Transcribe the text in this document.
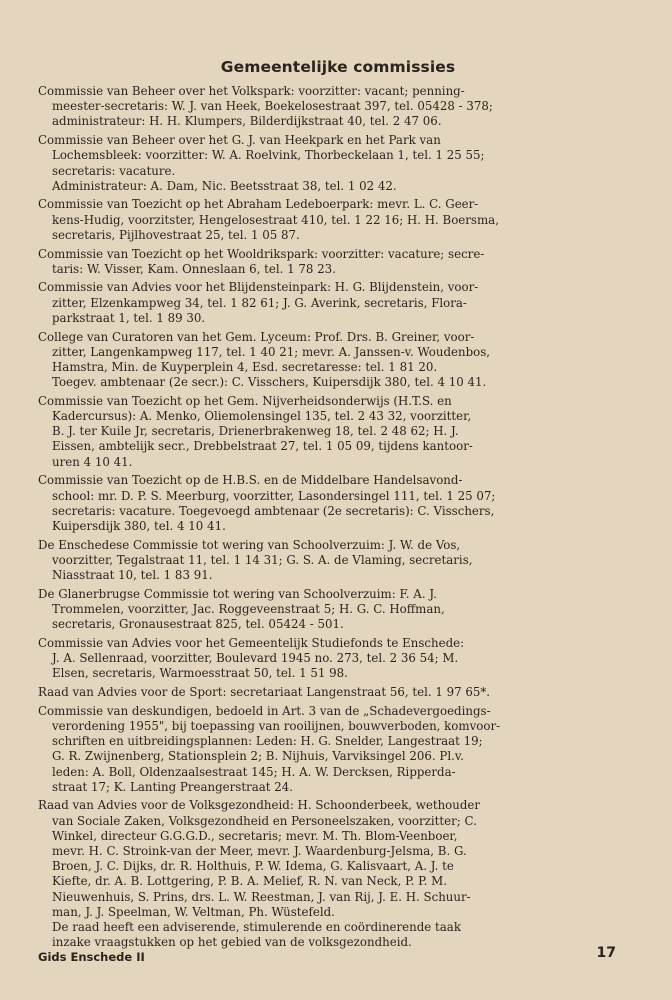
Gemeentelijke commissies

Commissie van Beheer over het Volkspark: voorzitter: vacant; penning-
meester-secretaris: W. J. van Heek, Boekelosestraat 397, tel. 05428 - 378;
administrateur: H. H. Klumpers, Bilderdijkstraat 40, tel. 2 47 06.

Commissie van Beheer over het G. J. van Heekpark en het Park van
Lochemsbleek: voorzitter: W. A. Roelvink, Thorbeckelaan 1, tel. 1 25 55;
secretaris: vacature.
Administrateur: A. Dam, Nic. Beetsstraat 38, tel. 1 02 42.

Commissie van Toezicht op het Abraham Ledeboerpark: mevr. L. C. Geer-
kens-Hudig, voorzitster, Hengelosestraat 410, tel. 1 22 16; H. H. Boersma,
secretaris, Pijlhovestraat 25, tel. 1 05 87.

Commissie van Toezicht op het Wooldrikspark: voorzitter: vacature; secre-
taris: W. Visser, Kam. Onneslaan 6, tel. 1 78 23.

Commissie van Advies voor het Blijdensteinpark: H. G. Blijdenstein, voor-
zitter, Elzenkampweg 34, tel. 1 82 61; J. G. Averink, secretaris, Flora-
parkstraat 1, tel. 1 89 30.

College van Curatoren van het Gem. Lyceum: Prof. Drs. B. Greiner, voor-
zitter, Langenkampweg 117, tel. 1 40 21; mevr. A. Janssen-v. Woudenbos,
Hamstra, Min. de Kuyperplein 4, Esd. secretaresse: tel. 1 81 20.
Toegev. ambtenaar (2e secr.): C. Visschers, Kuipersdijk 380, tel. 4 10 41.

Commissie van Toezicht op het Gem. Nijverheidsonderwijs (H.T.S. en
Kadercursus): A. Menko, Oliemolensingel 135, tel. 2 43 32, voorzitter,
B. J. ter Kuile Jr, secretaris, Drienerbrakenweg 18, tel. 2 48 62; H. J.
Eissen, ambtelijk secr., Drebbelstraat 27, tel. 1 05 09, tijdens kantoor-
uren 4 10 41.

Commissie van Toezicht op de H.B.S. en de Middelbare Handelsavond-
school: mr. D. P. S. Meerburg, voorzitter, Lasondersingel 111, tel. 1 25 07;
secretaris: vacature. Toegevoegd ambtenaar (2e secretaris): C. Visschers,
Kuipersdijk 380, tel. 4 10 41.

De Enschedese Commissie tot wering van Schoolverzuim: J. W. de Vos,
voorzitter, Tegalstraat 11, tel. 1 14 31; G. S. A. de Vlaming, secretaris,
Niasstraat 10, tel. 1 83 91.

De Glanerbrugse Commissie tot wering van Schoolverzuim: F. A. J.
Trommelen, voorzitter, Jac. Roggeveenstraat 5; H. G. C. Hoffman,
secretaris, Gronausestraat 825, tel. 05424 - 501.

Commissie van Advies voor het Gemeentelijk Studiefonds te Enschede:
J. A. Sellenraad, voorzitter, Boulevard 1945 no. 273, tel. 2 36 54; M.
Elsen, secretaris, Warmoesstraat 50, tel. 1 51 98.

Raad van Advies voor de Sport: secretariaat Langenstraat 56, tel. 1 97 65*.

Commissie van deskundigen, bedoeld in Art. 3 van de „Schadevergoedings-
verordening 1955", bij toepassing van rooilijnen, bouwverboden, komvoor-
schriften en uitbreidingsplannen: Leden: H. G. Snelder, Langestraat 19;
G. R. Zwijnenberg, Stationsplein 2; B. Nijhuis, Varviksingel 206. Pl.v.
leden: A. Boll, Oldenzaalsestraat 145; H. A. W. Dercksen, Ripperda-
straat 17; K. Lanting Preangerstraat 24.

Raad van Advies voor de Volksgezondheid: H. Schoonderbeek, wethouder
van Sociale Zaken, Volksgezondheid en Personeelszaken, voorzitter; C.
Winkel, directeur G.G.G.D., secretaris; mevr. M. Th. Blom-Veenboer,
mevr. H. C. Stroink-van der Meer, mevr. J. Waardenburg-Jelsma, B. G.
Broen, J. C. Dijks, dr. R. Holthuis, P. W. Idema, G. Kalisvaart, A. J. te
Kiefte, dr. A. B. Lottgering, P. B. A. Melief, R. N. van Neck, P. P. M.
Nieuwenhuis, S. Prins, drs. L. W. Reestman, J. van Rij, J. E. H. Schuur-
man, J. J. Speelman, W. Veltman, Ph. Wüstefeld.
De raad heeft een adviserende, stimulerende en coördinerende taak
inzake vraagstukken op het gebied van de volksgezondheid.

Gids Enschede II	17
